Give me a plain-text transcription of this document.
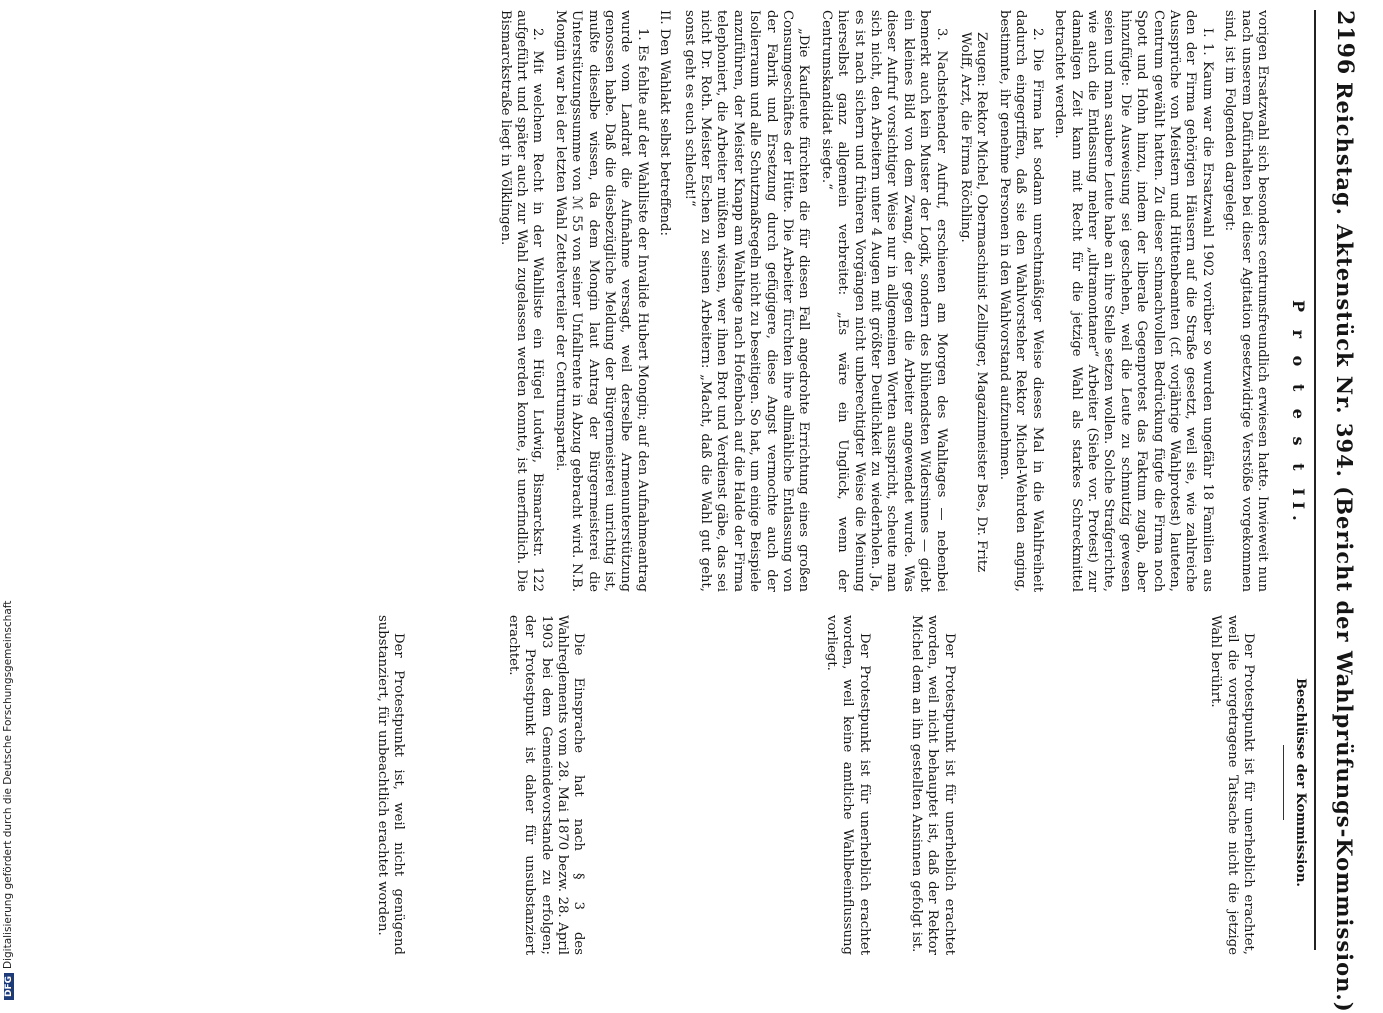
2196
Reichstag. Aktenstück Nr. 394. (Bericht der Wahlprüfungs-Kommission.)
P r o t e s t II.
Beschlüsse der Kommission.

vorigen Ersatzwahl sich besonders centrumsfreundlich erwiesen hatte. Inwieweit nun nach unserem Dafürhalten bei dieser Agitation gesetzwidrige Verstöße vorgekommen sind, ist im Folgenden dargelegt:

I. 1. Kaum war die Ersatzwahl 1902 vorüber so wurden ungefähr 18 Familien aus den der Firma gehörigen Häusern auf die Straße gesetzt, weil sie, wie zahlreiche Aussprüche von Meistern und Hüttenbeamten (cf. vorjährige Wahlprotest) lauteten, Centrum gewählt hatten. Zu dieser schmachvollen Bedrückung fügte die Firma noch Spott und Hohn hinzu, indem der liberale Gegenprotest das Faktum zugab, aber hinzufügte: Die Ausweisung sei geschehen, weil die Leute zu schmutzig gewesen seien und man saubere Leute habe an ihre Stelle setzen wollen. Solche Strafgerichte, wie auch die Entlassung mehrer „ultramontaner“ Arbeiter (Siehe vor. Protest) zur damaligen Zeit kann mit Recht für die jetzige Wahl als starkes Schreckmittel betrachtet werden.

2. Die Firma hat sodann unrechtmäßiger Weise dieses Mal in die Wahlfreiheit dadurch eingegriffen, daß sie den Wahlvorsteher Rektor Michel-Wehrden anging, bestimmte, ihr genehme Personen in den Wahlvorstand aufzunehmen.

Zeugen: Rektor Michel, Obermaschinist Zellinger, Magazinmeister Bes, Dr. Fritz Wolff, Arzt, die Firma Röchling.

3. Nachstehender Aufruf, erschienen am Morgen des Wahltages — nebenbei bemerkt auch kein Muster der Logik, sondern des blühendsten Widersinnes — giebt ein kleines Bild von dem Zwang, der gegen die Arbeiter angewendet wurde. Was dieser Aufruf vorsichtiger Weise nur in allgemeinen Worten ausspricht, scheute man sich nicht, den Arbeitern unter 4 Augen mit größter Deutlichkeit zu wiederholen. Ja, es ist nach sichern und früheren Vorgängen nicht unberechtigter Weise die Meinung hierselbst ganz allgemein verbreitet: „Es wäre ein Unglück, wenn der Centrumskandidat siegte.“

„Die Kaufleute fürchten die für diesen Fall angedrohte Errichtung eines großen Consumgeschäftes der Hütte. Die Arbeiter fürchten ihre allmähliche Entlassung von der Fabrik und Ersetzung durch gefügigere, diese Angst vermochte auch der Isolierraum und alle Schutzmaßregeln nicht zu beseitigen. So hat, um einige Beispiele anzuführen, der Meister Knapp am Wahltage nach Hofenbach auf die Halde der Firma telephoniert, die Arbeiter müßten wissen, wer ihnen Brot und Verdienst gäbe, das sei nicht Dr. Roth. Meister Eschen zu seinen Arbeitern: „Macht, daß die Wahl gut geht, sonst geht es euch schlecht!“

II. Den Wahlakt selbst betreffend:

1. Es fehlte auf der Wahlliste der Invalide Hubert Mongin; auf den Aufnahmeantrag wurde vom Landrat die Aufnahme versagt, weil derselbe Armenunterstützung genossen habe. Daß die diesbezügliche Meldung der Bürgermeisterei unrichtig ist, mußte dieselbe wissen, da dem Mongin laut Antrag der Bürgermeisterei die Unterstützungssumme von ℳ 55 von seiner Unfallrente in Abzug gebracht wird. N.B. Mongin war bei der letzten Wahl Zettelverteiler der Centrumspartei.

2. Mit welchem Recht in der Wahlliste ein Hügel Ludwig, Bismarckstr. 122 aufgeführt und später auch zur Wahl zugelassen werden konnte, ist unerfindlich. Die Bismarckstraße liegt in Völklingen.

Der Protestpunkt ist für unerheblich erachtet, weil die vorgetragene Tatsache nicht die jetzige Wahl berührt.

Der Protestpunkt ist für unerheblich erachtet worden, weil nicht behauptet ist, daß der Rektor Michel dem an ihn gestellten Ansinnen gefolgt ist.

Der Protestpunkt ist für unerheblich erachtet worden, weil keine amtliche Wahlbeeinflussung vorliegt.

Die Einsprache hat nach § 3 des Wahlreglements vom 28. Mai 1870 bezw. 28. April 1903 bei dem Gemeindevorstande zu erfolgen; der Protestpunkt ist daher für unsubstanziert erachtet.

Der Protestpunkt ist, weil nicht genügend substanziert, für unbeachtlich erachtet worden.

DFGDigitalisierung gefördert durch die Deutsche Forschungsgemeinschaft
